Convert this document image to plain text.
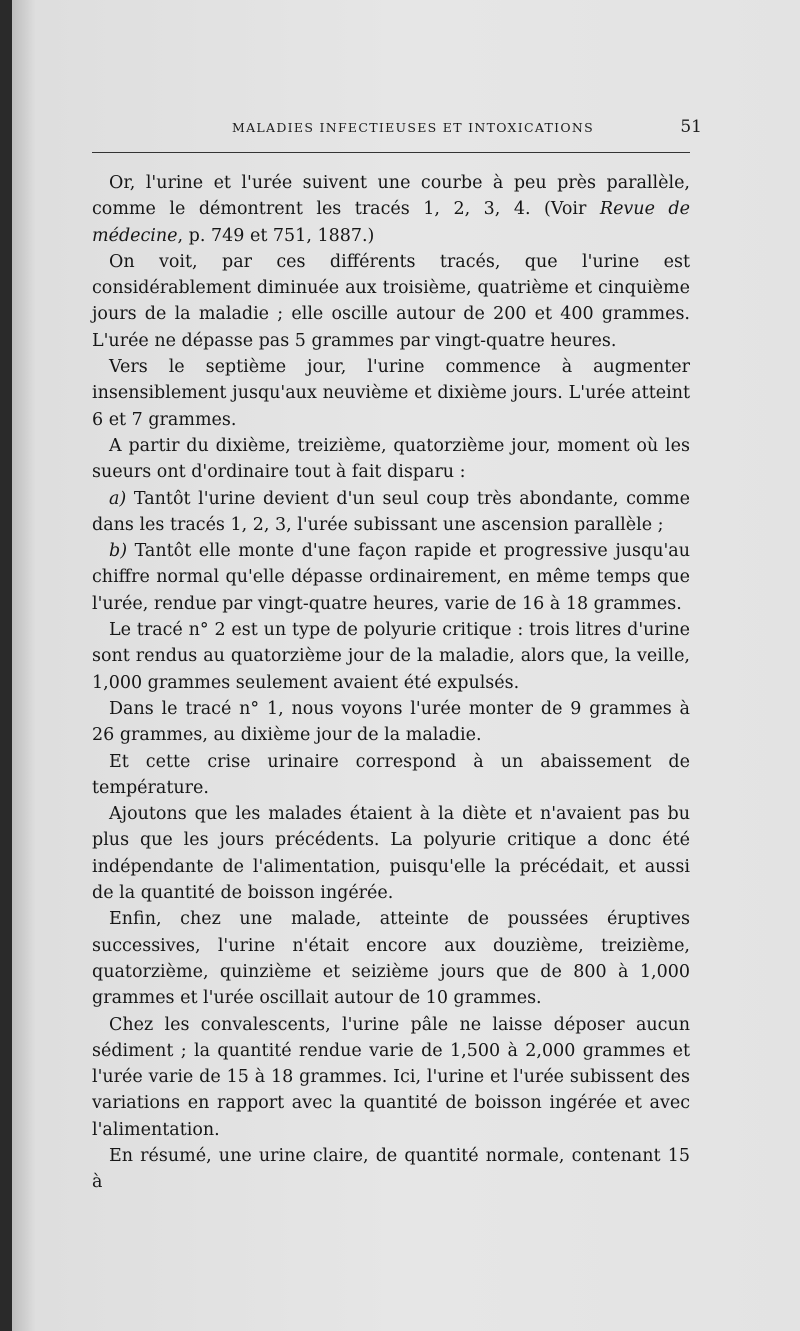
MALADIES INFECTIEUSES ET INTOXICATIONS	51

Or, l'urine et l'urée suivent une courbe à peu près parallèle, comme le démontrent les tracés 1, 2, 3, 4. (Voir Revue de médecine, p. 749 et 751, 1887.)

On voit, par ces différents tracés, que l'urine est considérablement diminuée aux troisième, quatrième et cinquième jours de la maladie ; elle oscille autour de 200 et 400 grammes. L'urée ne dépasse pas 5 grammes par vingt-quatre heures.

Vers le septième jour, l'urine commence à augmenter insensiblement jusqu'aux neuvième et dixième jours. L'urée atteint 6 et 7 grammes.

A partir du dixième, treizième, quatorzième jour, moment où les sueurs ont d'ordinaire tout à fait disparu :

a) Tantôt l'urine devient d'un seul coup très abondante, comme dans les tracés 1, 2, 3, l'urée subissant une ascension parallèle ;

b) Tantôt elle monte d'une façon rapide et progressive jusqu'au chiffre normal qu'elle dépasse ordinairement, en même temps que l'urée, rendue par vingt-quatre heures, varie de 16 à 18 grammes.

Le tracé n° 2 est un type de polyurie critique : trois litres d'urine sont rendus au quatorzième jour de la maladie, alors que, la veille, 1,000 grammes seulement avaient été expulsés.

Dans le tracé n° 1, nous voyons l'urée monter de 9 grammes à 26 grammes, au dixième jour de la maladie.

Et cette crise urinaire correspond à un abaissement de température.

Ajoutons que les malades étaient à la diète et n'avaient pas bu plus que les jours précédents. La polyurie critique a donc été indépendante de l'alimentation, puisqu'elle la précédait, et aussi de la quantité de boisson ingérée.

Enfin, chez une malade, atteinte de poussées éruptives successives, l'urine n'était encore aux douzième, treizième, quatorzième, quinzième et seizième jours que de 800 à 1,000 grammes et l'urée oscillait autour de 10 grammes.

Chez les convalescents, l'urine pâle ne laisse déposer aucun sédiment ; la quantité rendue varie de 1,500 à 2,000 grammes et l'urée varie de 15 à 18 grammes. Ici, l'urine et l'urée subissent des variations en rapport avec la quantité de boisson ingérée et avec l'alimentation.

En résumé, une urine claire, de quantité normale, contenant 15 à
